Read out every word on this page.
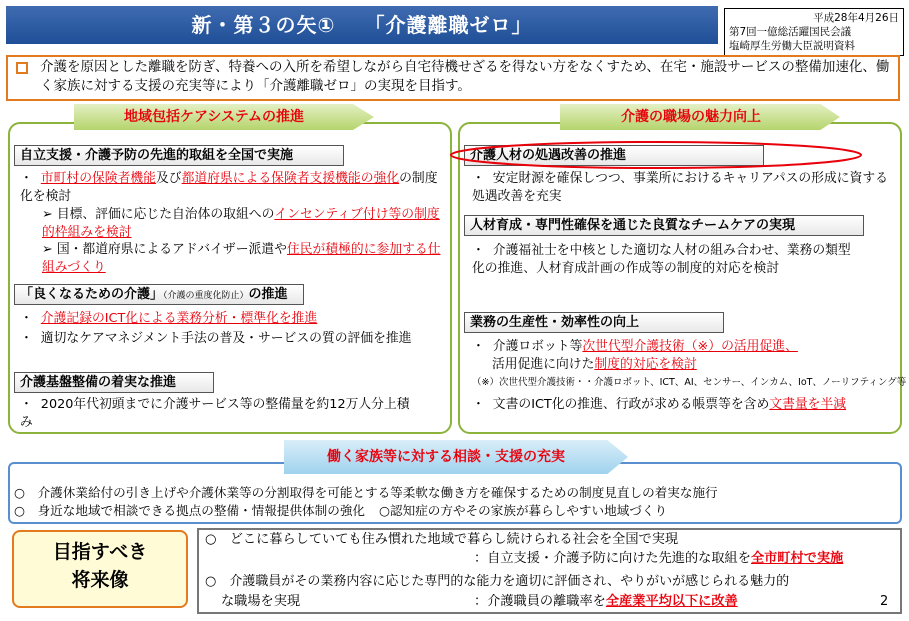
新・第３の矢①　 「介護離職ゼロ」	平成28年4月26日
第7回一億総活躍国民会議
塩崎厚生労働大臣説明資料
介護を原因とした離職を防ぎ、特養への入所を希望しながら自宅待機せざるを得ない方をなくすため、在宅・施設サービスの整備加速化、働く家族に対する支援の充実等により「介護離職ゼロ」の実現を目指す。
地域包括ケアシステムの推進
自立支援・介護予防の先進的取組を全国で実施
・ 市町村の保険者機能及び都道府県による保険者支援機能の強化の制度化を検討
➢ 目標、評価に応じた自治体の取組へのインセンティブ付け等の制度的枠組みを検討
➢ 国・都道府県によるアドバイザー派遣や住民が積極的に参加する仕組みづくり
「良くなるための介護」（介護の重度化防止）の推進
・ 介護記録のICT化による業務分析・標準化を推進
・ 適切なケアマネジメント手法の普及・サービスの質の評価を推進
介護基盤整備の着実な推進
・ 2020年代初頭までに介護サービス等の整備量を約12万人分上積み
介護の職場の魅力向上
介護人材の処遇改善の推進
・ 安定財源を確保しつつ、事業所におけるキャリアパスの形成に資する処遇改善を充実
人材育成・専門性確保を通じた良質なチームケアの実現
・ 介護福祉士を中核とした適切な人材の組み合わせ、業務の類型化の推進、人材育成計画の作成等の制度的対応を検討
業務の生産性・効率性の向上
・ 介護ロボット等次世代型介護技術（※）の活用促進、
活用促進に向けた制度的対応を検討
（※）次世代型介護技術・・介護ロボット、ICT、AI、センサー、インカム、IoT、ノーリフティング等
・ 文書のICT化の推進、行政が求める帳票等を含め文書量を半減
働く家族等に対する相談・支援の充実
○　介護休業給付の引き上げや介護休業等の分割取得を可能とする等柔軟な働き方を確保するための制度見直しの着実な施行
○　身近な地域で相談できる拠点の整備・情報提供体制の強化 ○認知症の方やその家族が暮らしやすい地域づくり
目指すべき
将来像
○　どこに暮らしていても住み慣れた地域で暮らし続けられる社会を全国で実現
：自立支援・介護予防に向けた先進的な取組を全市町村で実施
○　介護職員がその業務内容に応じた専門的な能力を適切に評価され、やりがいが感じられる魅力的
な職場を実現	：介護職員の離職率を全産業平均以下に改善	2
